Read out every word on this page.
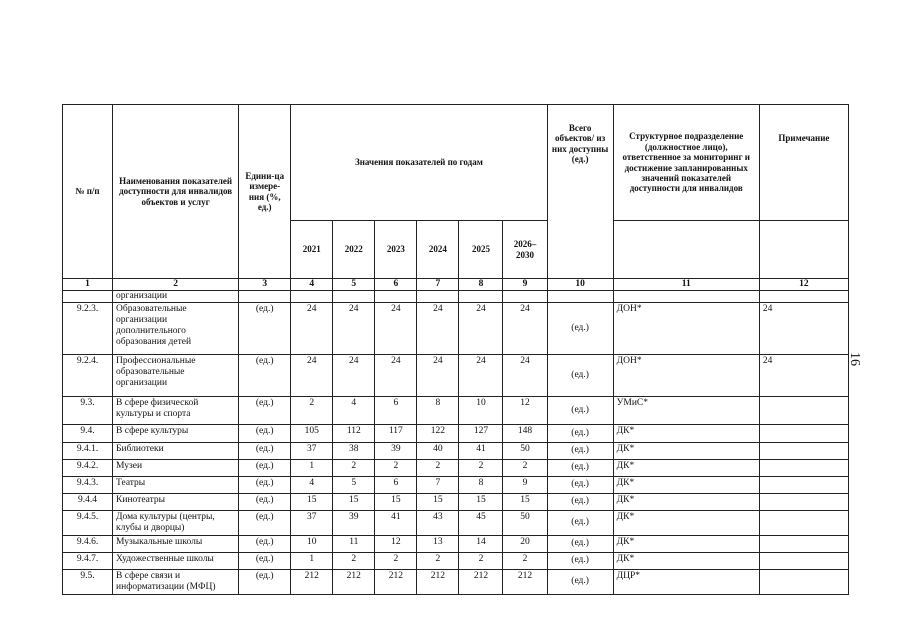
16
№ п/п	Наименования показателей доступности для инвалидов объектов и услуг	Едини-ца измере-ния (%, ед.)	Значения показателей по годам						Всего объектов/ из них доступны (ед.)	Структурное подразделение (должностное лицо), ответственное за мониторинг и достижение запланированных значений показателей доступности для инвалидов	Примечание
			2021	2022	2023	2024	2025	2026–2030			
1	2	3	4	5	6	7	8	9	10	11	12
	организации										
9.2.3.	Образовательные организации дополнительного образования детей	(ед.)	24	24	24	24	24	24	(ед.)	ДОН*	24
9.2.4.	Профессиональные образовательные организации	(ед.)	24	24	24	24	24	24	(ед.)	ДОН*	24
9.3.	В сфере физической культуры и спорта	(ед.)	2	4	6	8	10	12	(ед.)	УМиС*	
9.4.	В сфере культуры	(ед.)	105	112	117	122	127	148	(ед.)	ДК*	
9.4.1.	Библиотеки	(ед.)	37	38	39	40	41	50	(ед.)	ДК*	
9.4.2.	Музеи	(ед.)	1	2	2	2	2	2	(ед.)	ДК*	
9.4.3.	Театры	(ед.)	4	5	6	7	8	9	(ед.)	ДК*	
9.4.4	Кинотеатры	(ед.)	15	15	15	15	15	15	(ед.)	ДК*	
9.4.5.	Дома культуры (центры, клубы и дворцы)	(ед.)	37	39	41	43	45	50	(ед.)	ДК*	
9.4.6.	Музыкальные школы	(ед.)	10	11	12	13	14	20	(ед.)	ДК*	
9.4.7.	Художественные школы	(ед.)	1	2	2	2	2	2	(ед.)	ДК*	
9.5.	В сфере связи и информатизации (МФЦ)	(ед.)	212	212	212	212	212	212	(ед.)	ДЦР*	
